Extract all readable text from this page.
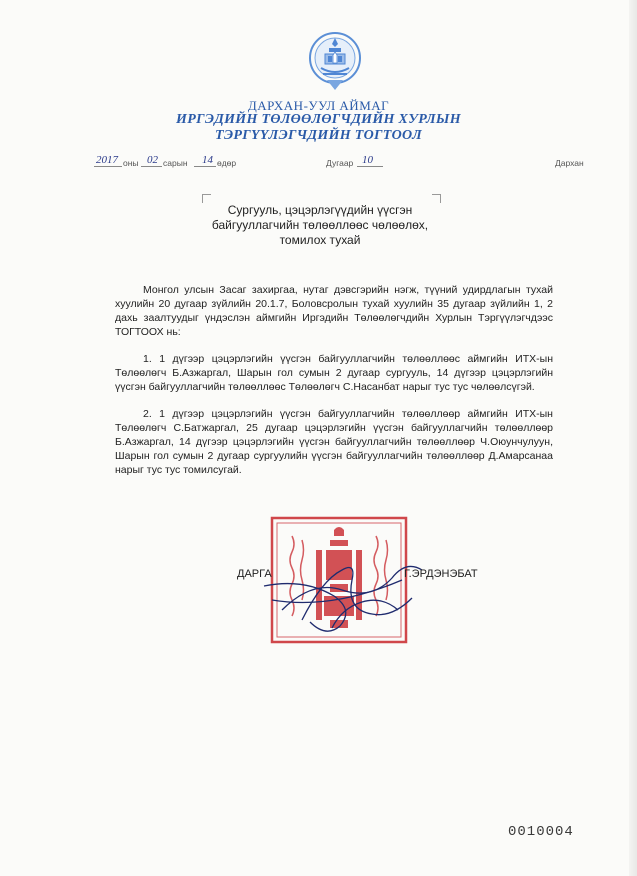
ДАРХАН-УУЛ АЙМАГ
ИРГЭДИЙН ТӨЛӨӨЛӨГЧДИЙН ХУРЛЫН
ТЭРГҮҮЛЭГЧДИЙН ТОГТООЛ
2017 оны 02 сарын 14 өдөр	Дугаар 10	Дархан
Сургууль, цэцэрлэгүүдийн үүсгэн
байгууллагчийн төлөөллөөс чөлөөлөх,
томилох тухай

Монгол улсын Засаг захиргаа, нутаг дэвсгэрийн нэгж, түүний удирдлагын тухай хуулийн 20 дугаар зүйлийн 20.1.7, Боловсролын тухай хуулийн 35 дугаар зүйлийн 1, 2 дахь заалтуудыг үндэслэн аймгийн Иргэдийн Төлөөлөгчдийн Хурлын Тэргүүлэгчдээс ТОГТООХ нь:

1. 1 дүгээр цэцэрлэгийн үүсгэн байгууллагчийн төлөөллөөс аймгийн ИТХ-ын Төлөөлөгч Б.Азжаргал, Шарын гол сумын 2 дугаар сургууль, 14 дүгээр цэцэрлэгийн үүсгэн байгууллагчийн төлөөллөөс Төлөөлөгч С.Насанбат нарыг тус тус чөлөөлсүгэй.

2. 1 дүгээр цэцэрлэгийн үүсгэн байгууллагчийн төлөөллөөр аймгийн ИТХ-ын Төлөөлөгч С.Батжаргал, 25 дугаар цэцэрлэгийн үүсгэн байгууллагчийн төлөөллөөр Б.Азжаргал, 14 дүгээр цэцэрлэгийн үүсгэн байгууллагчийн төлөөллөөр Ч.Оюунчулуун, Шарын гол сумын 2 дугаар сургуулийн үүсгэн байгууллагчийн төлөөллөөр Д.Амарсанаа нарыг тус тус томилсугай.

ДАРГА	Г.ЭРДЭНЭБАТ
0010004
